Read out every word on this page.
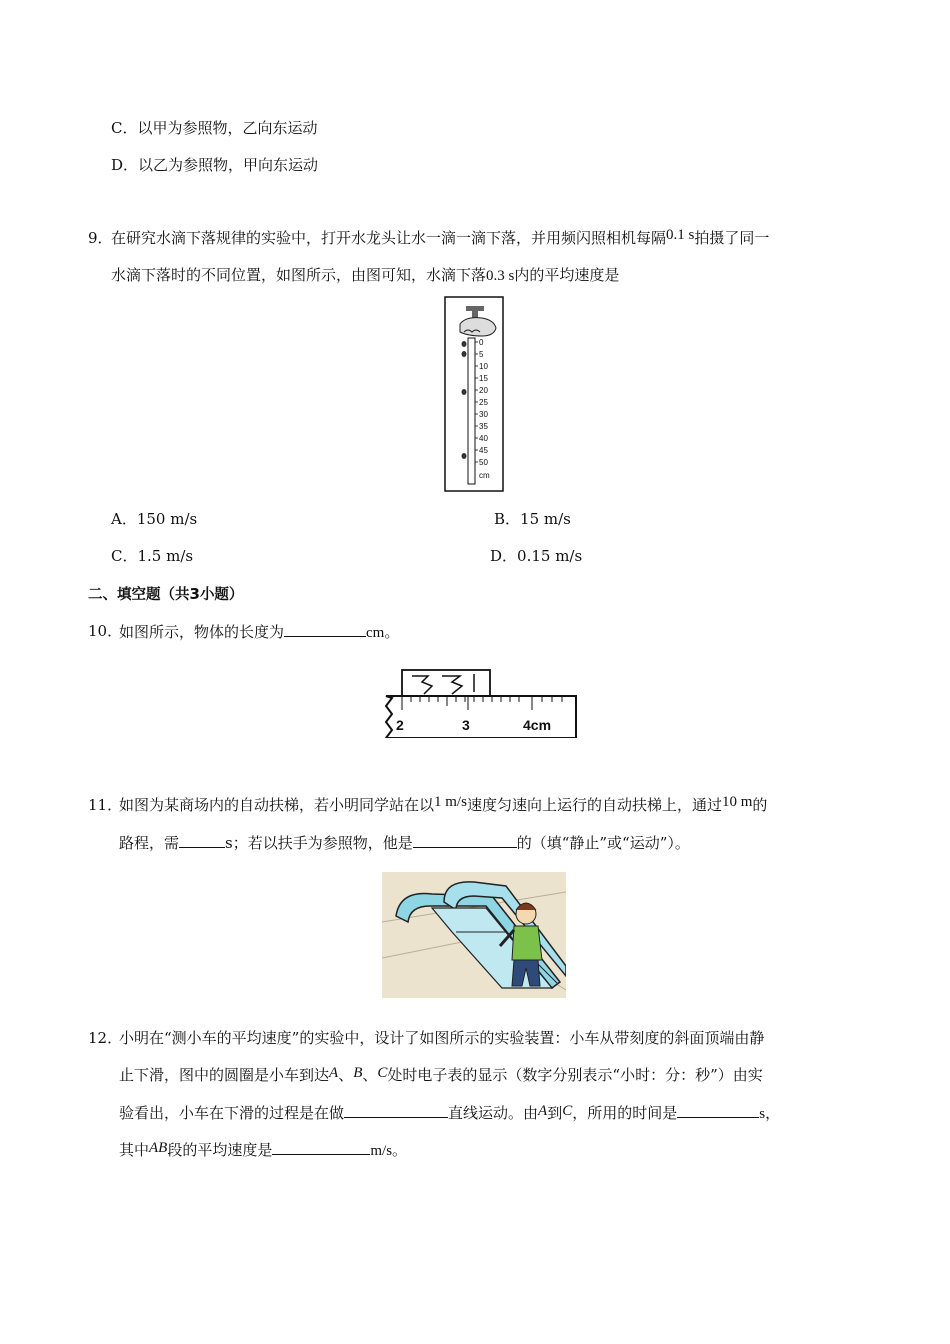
C．以甲为参照物，乙向东运动
D．以乙为参照物，甲向东运动
9．
在研究水滴下落规律的实验中，打开水龙头让水一滴一滴下落，并用频闪照相机每隔0.1 s拍摄了同一
水滴下落时的不同位置，如图所示，由图可知，水滴下落0.3 s内的平均速度是
0
5
10
15
20
25
30
35
40
45
50
cm
A．150 m/s	B．15 m/s
C．1.5 m/s	D．0.15 m/s
二、填空题（共3小题）
10．
如图所示，物体的长度为	cm。
2	3	4cm
11．
如图为某商场内的自动扶梯，若小明同学站在以1 m/s速度匀速向上运行的自动扶梯上，通过10 m的
路程，需	s；若以扶手为参照物，他是	的（填“静止”或“运动”）。
12．
小明在“测小车的平均速度”的实验中，设计了如图所示的实验装置：小车从带刻度的斜面顶端由静
止下滑，图中的圆圈是小车到达A、B、C处时电子表的显示（数字分别表示“小时：分：秒”）由实
验看出，小车在下滑的过程是在做	直线运动。由A到C，所用的时间是	s，
其中AB段的平均速度是	m/s。
